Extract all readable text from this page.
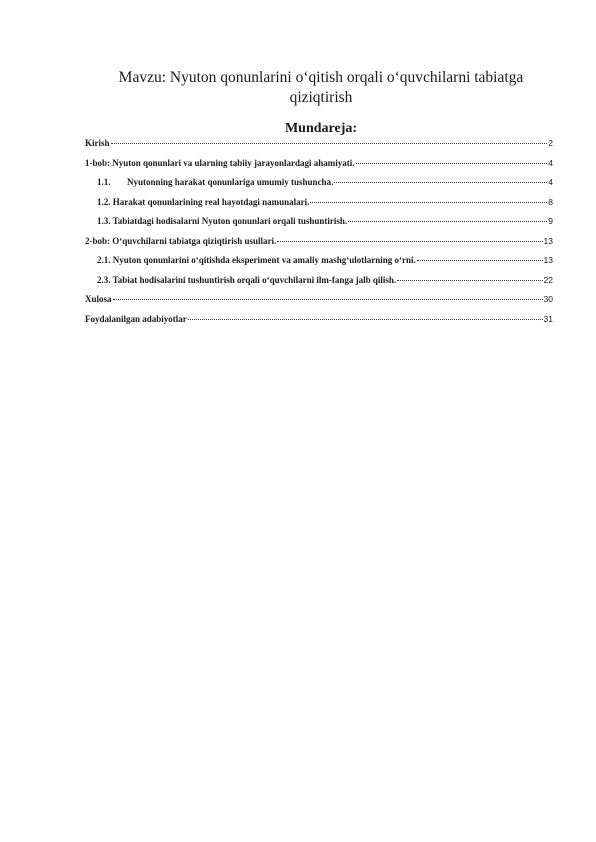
Mavzu: Nyuton qonunlarini o‘qitish orqali o‘quvchilarni tabiatga
qiziqtirish
Mundareja:
Kirish	2
1-bob: Nyuton qonunlari va ularning tabiiy jarayonlardagi ahamiyati.	4
1.1.	Nyutonning harakat qonunlariga umumiy tushuncha.	4
1.2. Harakat qonunlarining real hayotdagi namunalari.	8
1.3. Tabiatdagi hodisalarni Nyuton qonunlari orqali tushuntirish.	9
2-bob: O‘quvchilarni tabiatga qiziqtirish usullari.	13
2.1. Nyuton qonunlarini o‘qitishda eksperiment va amaliy mashg‘ulotlarning o‘rni.	13
2.3. Tabiat hodisalarini tushuntirish orqali o‘quvchilarni ilm-fanga jalb qilish.	22
Xulosa	30
Foydalanilgan adabiyotlar	31
